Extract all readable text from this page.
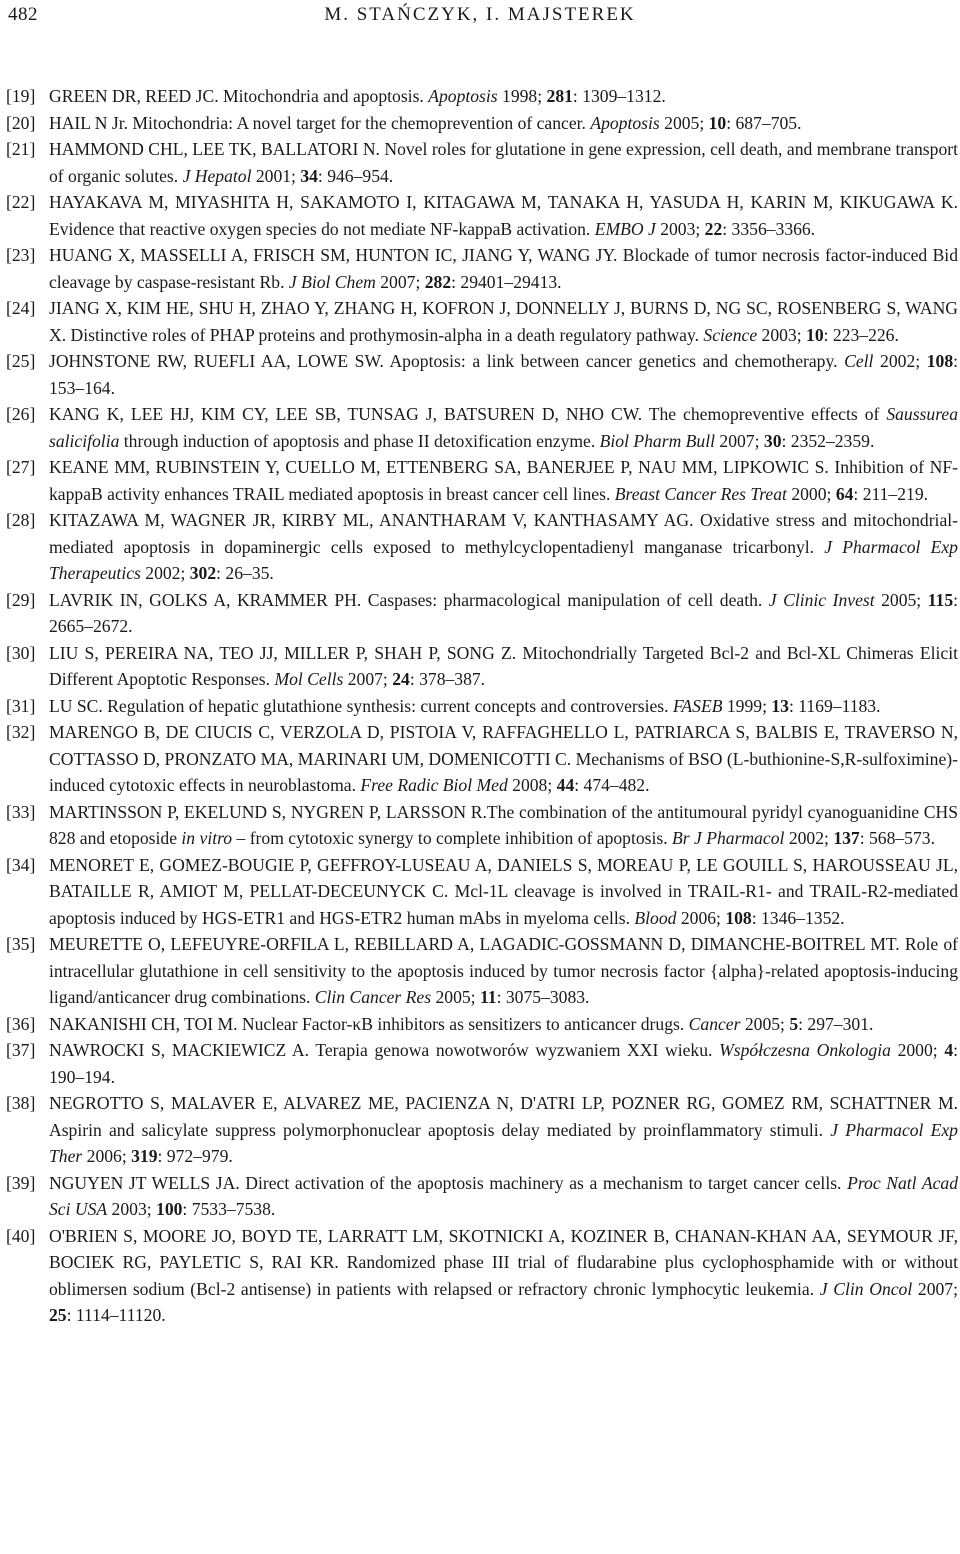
482	M. STAŃCZYK, I. MAJSTEREK
[19] GREEN DR, REED JC. Mitochondria and apoptosis. Apoptosis 1998; 281: 1309–1312.
[20] HAIL N Jr. Mitochondria: A novel target for the chemoprevention of cancer. Apoptosis 2005; 10: 687–705.
[21] HAMMOND CHL, LEE TK, BALLATORI N. Novel roles for glutatione in gene expression, cell death, and membrane transport of organic solutes. J Hepatol 2001; 34: 946–954.
[22] HAYAKAVA M, MIYASHITA H, SAKAMOTO I, KITAGAWA M, TANAKA H, YASUDA H, KARIN M, KIKUGAWA K. Evidence that reactive oxygen species do not mediate NF-kappaB activation. EMBO J 2003; 22: 3356–3366.
[23] HUANG X, MASSELLI A, FRISCH SM, HUNTON IC, JIANG Y, WANG JY. Blockade of tumor necrosis factor-induced Bid cleavage by caspase-resistant Rb. J Biol Chem 2007; 282: 29401–29413.
[24] JIANG X, KIM HE, SHU H, ZHAO Y, ZHANG H, KOFRON J, DONNELLY J, BURNS D, NG SC, ROSENBERG S, WANG X. Distinctive roles of PHAP proteins and prothymosin-alpha in a death regulatory pathway. Science 2003; 10: 223–226.
[25] JOHNSTONE RW, RUEFLI AA, LOWE SW. Apoptosis: a link between cancer genetics and chemotherapy. Cell 2002; 108: 153–164.
[26] KANG K, LEE HJ, KIM CY, LEE SB, TUNSAG J, BATSUREN D, NHO CW. The chemopreventive effects of Saussurea salicifolia through induction of apoptosis and phase II detoxification enzyme. Biol Pharm Bull 2007; 30: 2352–2359.
[27] KEANE MM, RUBINSTEIN Y, CUELLO M, ETTENBERG SA, BANERJEE P, NAU MM, LIPKOWIC S. Inhibition of NF-kappaB activity enhances TRAIL mediated apoptosis in breast cancer cell lines. Breast Cancer Res Treat 2000; 64: 211–219.
[28] KITAZAWA M, WAGNER JR, KIRBY ML, ANANTHARAM V, KANTHASAMY AG. Oxidative stress and mitochondrial-mediated apoptosis in dopaminergic cells exposed to methylcyclopentadienyl manganase tricarbonyl. J Pharmacol Exp Therapeutics 2002; 302: 26–35.
[29] LAVRIK IN, GOLKS A, KRAMMER PH. Caspases: pharmacological manipulation of cell death. J Clinic Invest 2005; 115: 2665–2672.
[30] LIU S, PEREIRA NA, TEO JJ, MILLER P, SHAH P, SONG Z. Mitochondrially Targeted Bcl-2 and Bcl-XL Chimeras Elicit Different Apoptotic Responses. Mol Cells 2007; 24: 378–387.
[31] LU SC. Regulation of hepatic glutathione synthesis: current concepts and controversies. FASEB 1999; 13: 1169–1183.
[32] MARENGO B, DE CIUCIS C, VERZOLA D, PISTOIA V, RAFFAGHELLO L, PATRIARCA S, BALBIS E, TRAVERSO N, COTTASSO D, PRONZATO MA, MARINARI UM, DOMENICOTTI C. Mechanisms of BSO (L-buthionine-S,R-sulfoximine)-induced cytotoxic effects in neuroblastoma. Free Radic Biol Med 2008; 44: 474–482.
[33] MARTINSSON P, EKELUND S, NYGREN P, LARSSON R.The combination of the antitumoural pyridyl cyanoguanidine CHS 828 and etoposide in vitro – from cytotoxic synergy to complete inhibition of apoptosis. Br J Pharmacol 2002; 137: 568–573.
[34] MENORET E, GOMEZ-BOUGIE P, GEFFROY-LUSEAU A, DANIELS S, MOREAU P, LE GOUILL S, HAROUSSEAU JL, BATAILLE R, AMIOT M, PELLAT-DECEUNYCK C. Mcl-1L cleavage is involved in TRAIL-R1- and TRAIL-R2-mediated apoptosis induced by HGS-ETR1 and HGS-ETR2 human mAbs in myeloma cells. Blood 2006; 108: 1346–1352.
[35] MEURETTE O, LEFEUYRE-ORFILA L, REBILLARD A, LAGADIC-GOSSMANN D, DIMANCHE-BOITREL MT. Role of intracellular glutathione in cell sensitivity to the apoptosis induced by tumor necrosis factor {alpha}-related apoptosis-inducing ligand/anticancer drug combinations. Clin Cancer Res 2005; 11: 3075–3083.
[36] NAKANISHI CH, TOI M. Nuclear Factor-κB inhibitors as sensitizers to anticancer drugs. Cancer 2005; 5: 297–301.
[37] NAWROCKI S, MACKIEWICZ A. Terapia genowa nowotworów wyzwaniem XXI wieku. Współczesna Onkologia 2000; 4: 190–194.
[38] NEGROTTO S, MALAVER E, ALVAREZ ME, PACIENZA N, D'ATRI LP, POZNER RG, GOMEZ RM, SCHATTNER M. Aspirin and salicylate suppress polymorphonuclear apoptosis delay mediated by proinflammatory stimuli. J Pharmacol Exp Ther 2006; 319: 972–979.
[39] NGUYEN JT WELLS JA. Direct activation of the apoptosis machinery as a mechanism to target cancer cells. Proc Natl Acad Sci USA 2003; 100: 7533–7538.
[40] O'BRIEN S, MOORE JO, BOYD TE, LARRATT LM, SKOTNICKI A, KOZINER B, CHANAN-KHAN AA, SEYMOUR JF, BOCIEK RG, PAYLETIC S, RAI KR. Randomized phase III trial of fludarabine plus cyclophosphamide with or without oblimersen sodium (Bcl-2 antisense) in patients with relapsed or refractory chronic lymphocytic leukemia. J Clin Oncol 2007; 25: 1114–11120.
